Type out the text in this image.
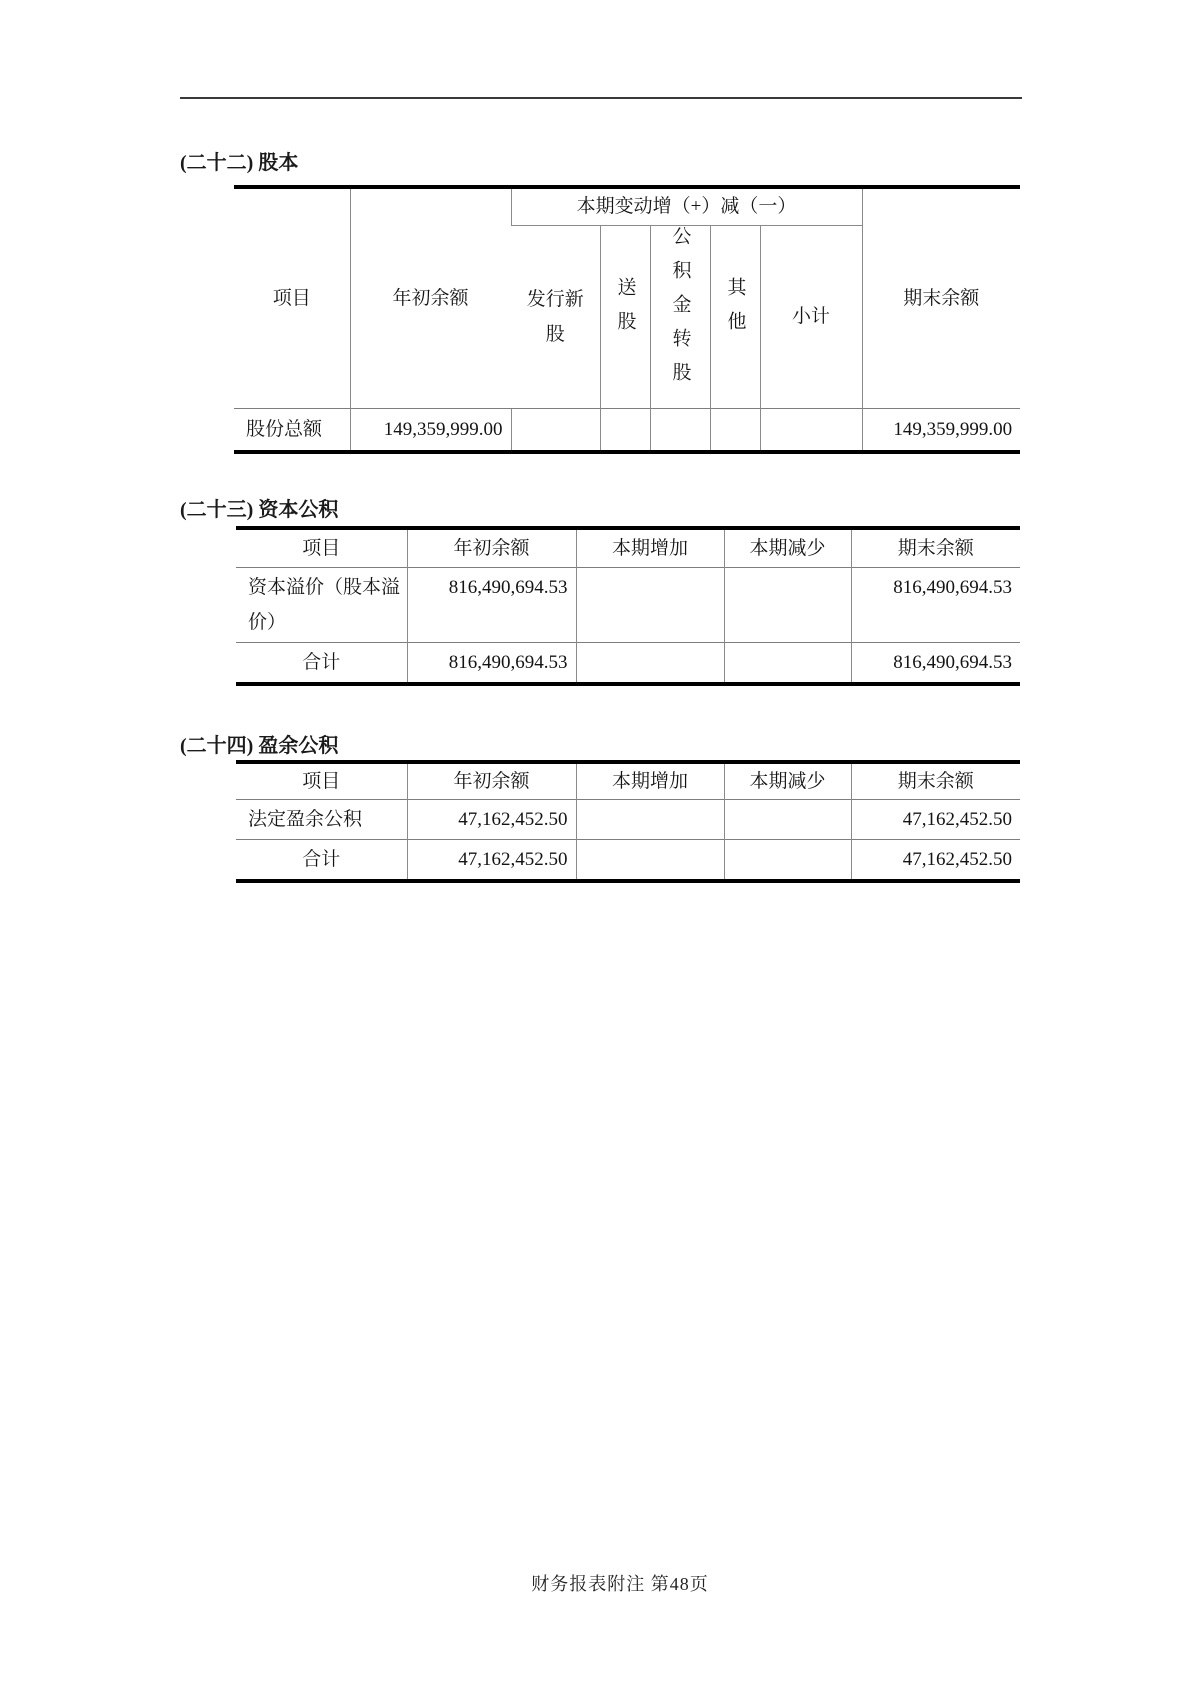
(二十二) 股本
项目	年初余额	本期变动增（+）减（一）					期末余额
		发行新股	送股	公积金转股	其他	小计	
股份总额	149,359,999.00						149,359,999.00
(二十三) 资本公积
项目	年初余额	本期增加	本期减少	期末余额
资本溢价（股本溢价）	816,490,694.53			816,490,694.53
合计	816,490,694.53			816,490,694.53
(二十四) 盈余公积
项目	年初余额	本期增加	本期减少	期末余额
法定盈余公积	47,162,452.50			47,162,452.50
合计	47,162,452.50			47,162,452.50
财务报表附注 第48页
